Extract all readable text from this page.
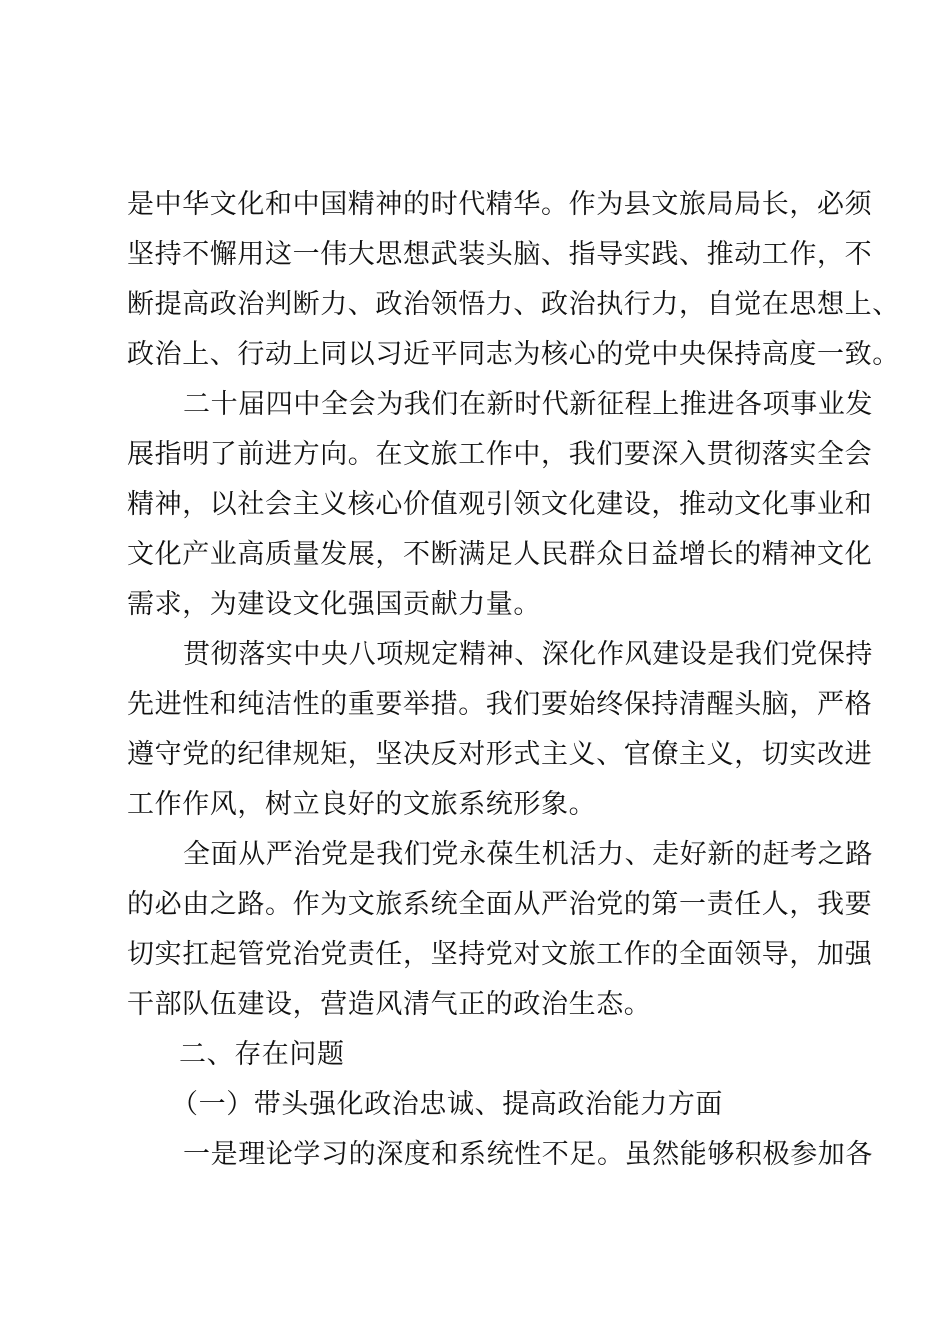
是中华文化和中国精神的时代精华。作为县文旅局局长，必须
坚持不懈用这一伟大思想武装头脑、指导实践、推动工作，不
断提高政治判断力、政治领悟力、政治执行力，自觉在思想上、
政治上、行动上同以习近平同志为核心的党中央保持高度一致。
二十届四中全会为我们在新时代新征程上推进各项事业发
展指明了前进方向。在文旅工作中，我们要深入贯彻落实全会
精神，以社会主义核心价值观引领文化建设，推动文化事业和
文化产业高质量发展，不断满足人民群众日益增长的精神文化
需求，为建设文化强国贡献力量。
贯彻落实中央八项规定精神、深化作风建设是我们党保持
先进性和纯洁性的重要举措。我们要始终保持清醒头脑，严格
遵守党的纪律规矩，坚决反对形式主义、官僚主义，切实改进
工作作风，树立良好的文旅系统形象。
全面从严治党是我们党永葆生机活力、走好新的赶考之路
的必由之路。作为文旅系统全面从严治党的第一责任人，我要
切实扛起管党治党责任，坚持党对文旅工作的全面领导，加强
干部队伍建设，营造风清气正的政治生态。
二、存在问题
（一）带头强化政治忠诚、提高政治能力方面
一是理论学习的深度和系统性不足。虽然能够积极参加各
